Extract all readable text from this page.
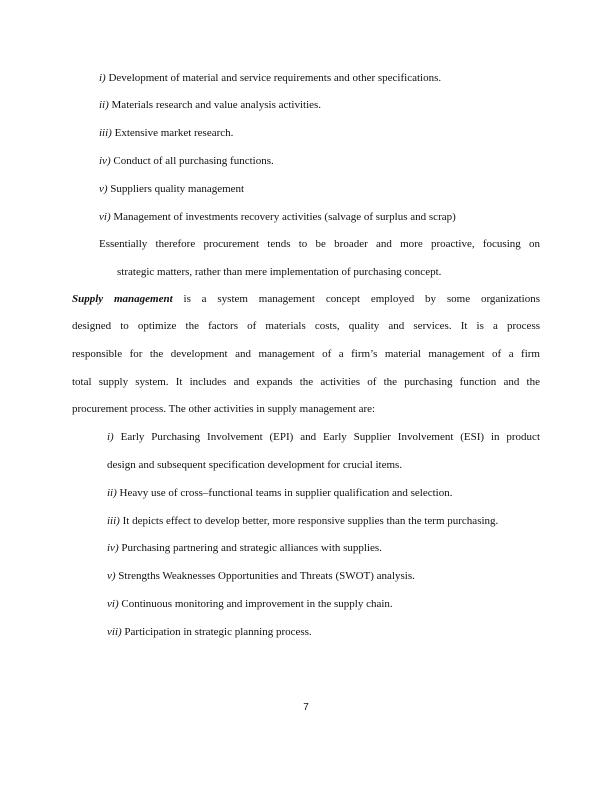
i) Development of material and service requirements and other specifications.
ii) Materials research and value analysis activities.
iii) Extensive market research.
iv) Conduct of all purchasing functions.
v) Suppliers quality management
vi) Management of investments recovery activities (salvage of surplus and scrap)
Essentially therefore procurement tends to be broader and more proactive, focusing on
strategic matters, rather than mere implementation of purchasing concept.
Supply management is a system management concept employed by some organizations
designed to optimize the factors of materials costs, quality and services. It is a process
responsible for the development and management of a firm’s material management of a firm
total supply system. It includes and expands the activities of the purchasing function and the
procurement process. The other activities in supply management are:
i) Early Purchasing Involvement (EPI) and Early Supplier Involvement (ESI) in product
design and subsequent specification development for crucial items.
ii) Heavy use of cross–functional teams in supplier qualification and selection.
iii) It depicts effect to develop better, more responsive supplies than the term purchasing.
iv) Purchasing partnering and strategic alliances with supplies.
v) Strengths Weaknesses Opportunities and Threats (SWOT) analysis.
vi) Continuous monitoring and improvement in the supply chain.
vii) Participation in strategic planning process.
7
